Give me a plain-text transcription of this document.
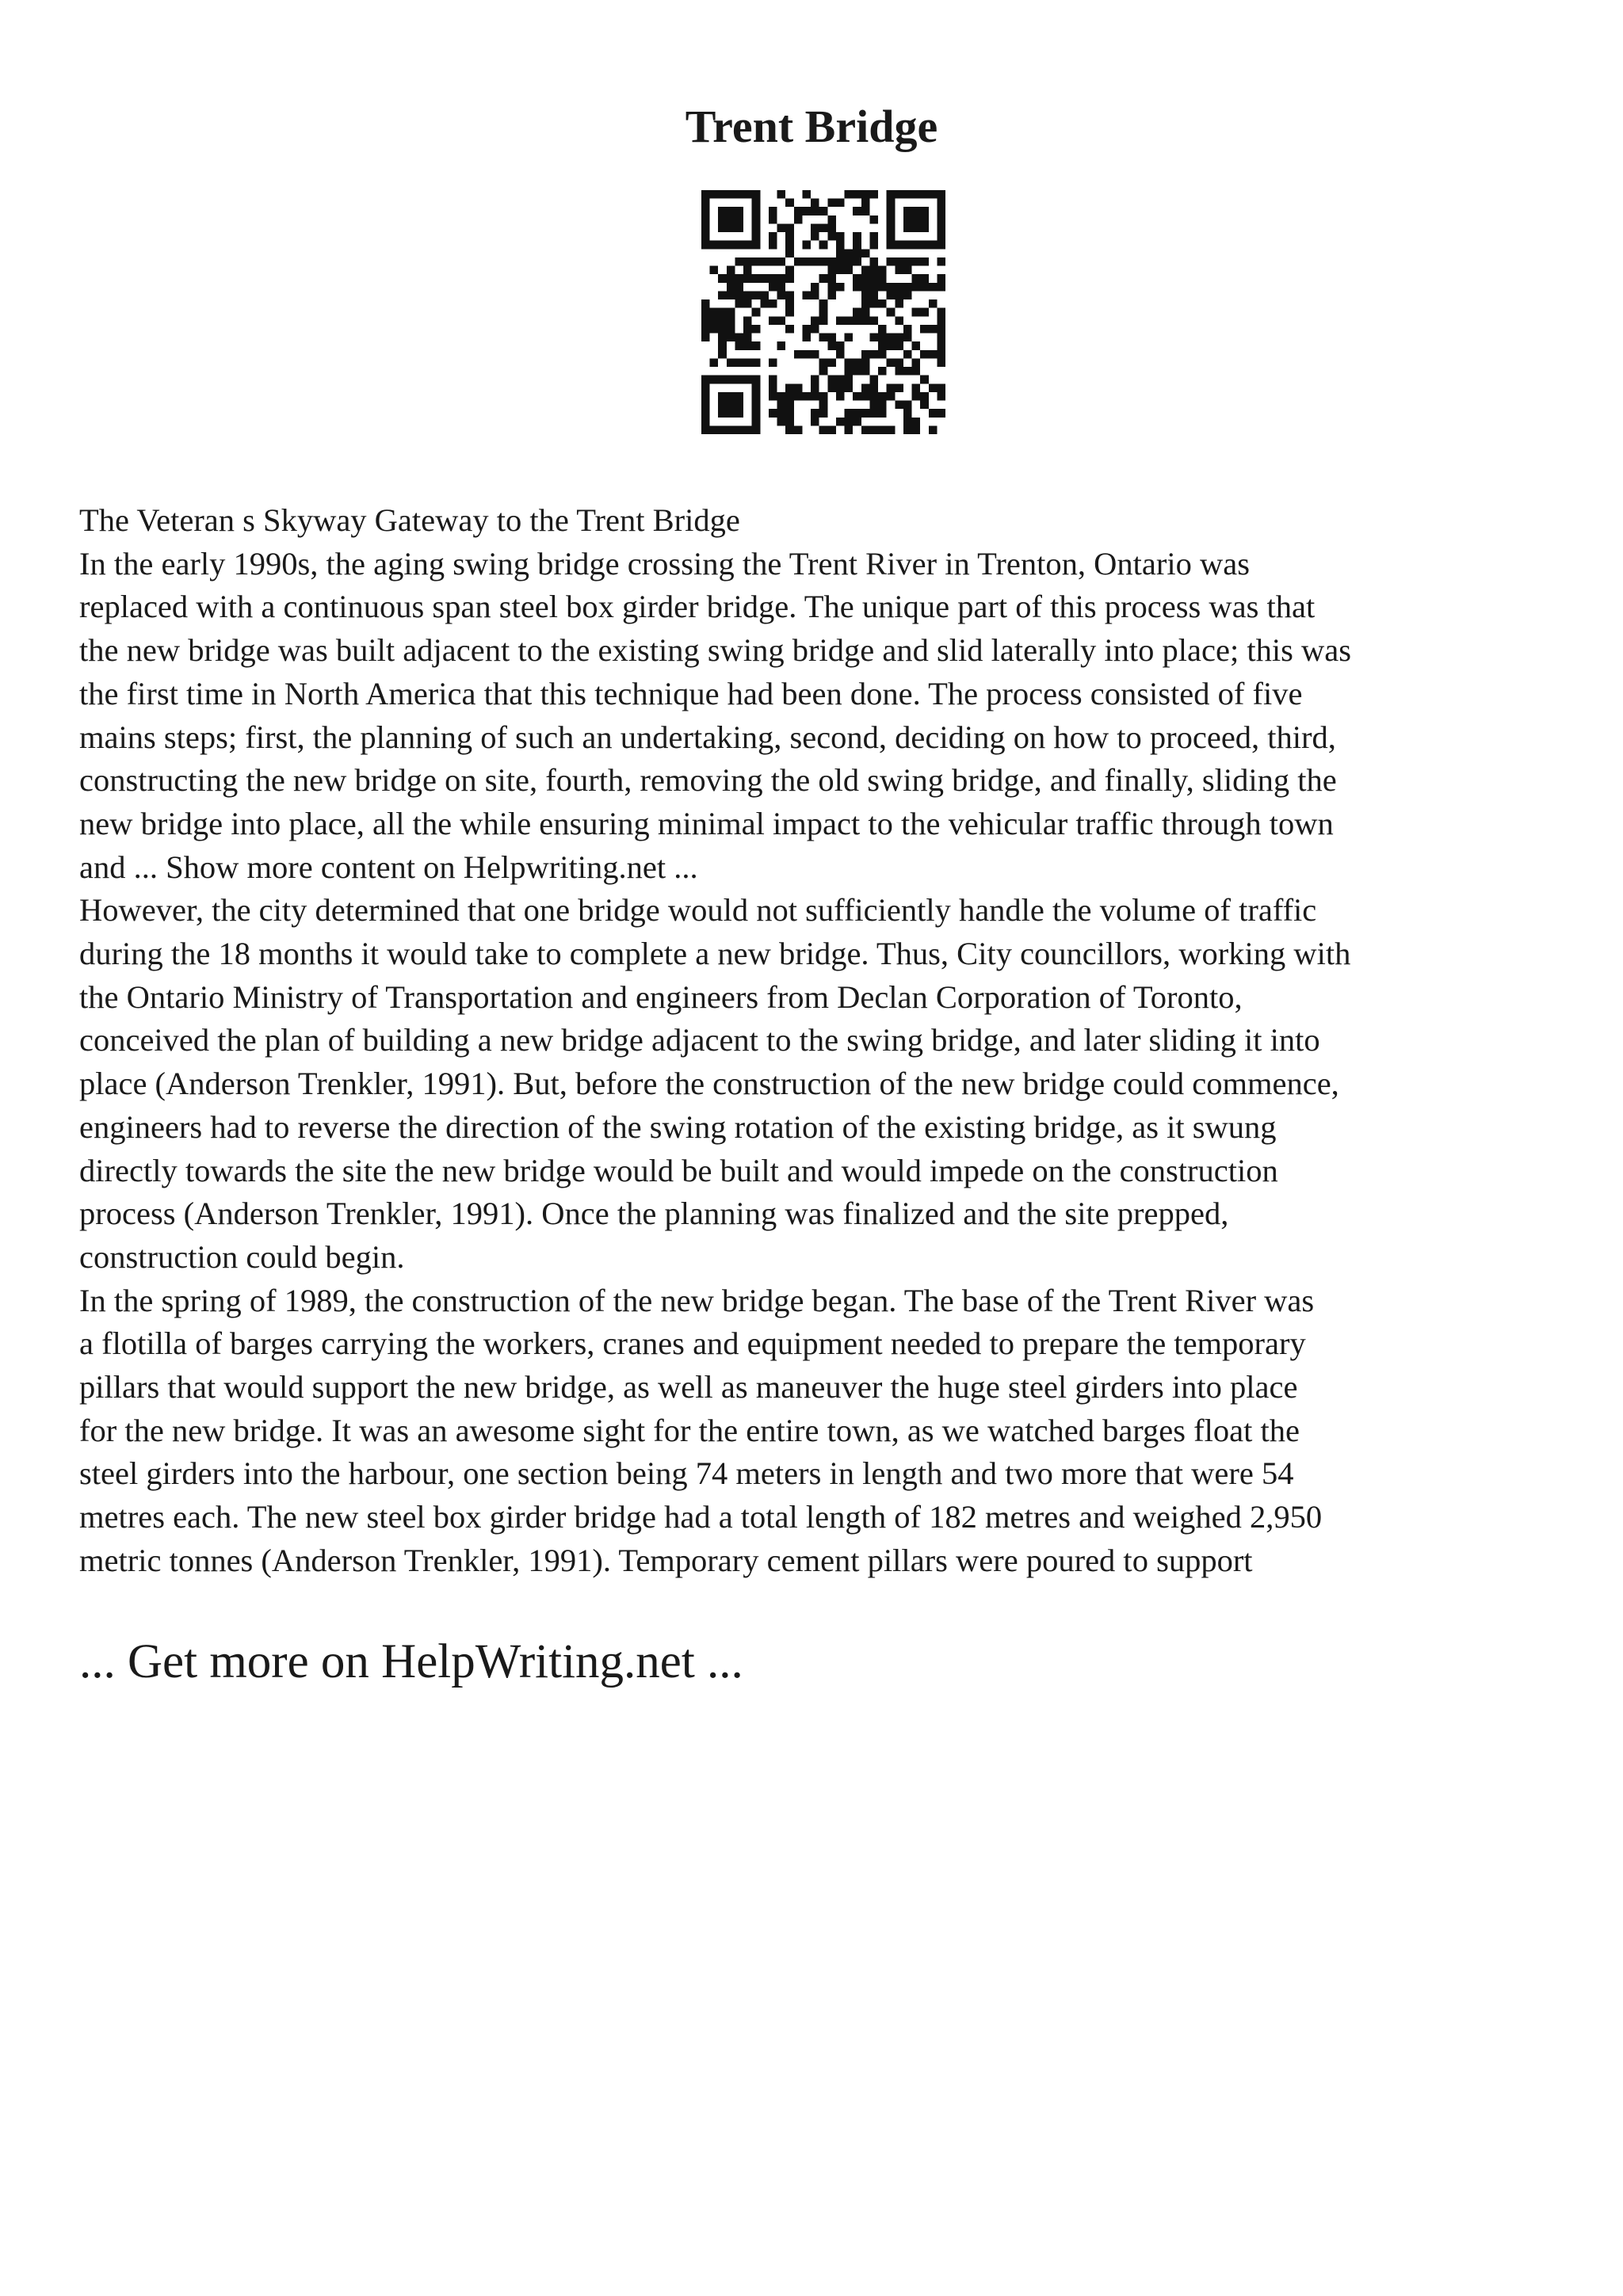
Trent Bridge

The Veteran s Skyway Gateway to the Trent Bridge
In the early 1990s, the aging swing bridge crossing the Trent River in Trenton, Ontario was
replaced with a continuous span steel box girder bridge. The unique part of this process was that
the new bridge was built adjacent to the existing swing bridge and slid laterally into place; this was
the first time in North America that this technique had been done. The process consisted of five
mains steps; first, the planning of such an undertaking, second, deciding on how to proceed, third,
constructing the new bridge on site, fourth, removing the old swing bridge, and finally, sliding the
new bridge into place, all the while ensuring minimal impact to the vehicular traffic through town
and ... Show more content on Helpwriting.net ...

However, the city determined that one bridge would not sufficiently handle the volume of traffic
during the 18 months it would take to complete a new bridge. Thus, City councillors, working with
the Ontario Ministry of Transportation and engineers from Declan Corporation of Toronto,
conceived the plan of building a new bridge adjacent to the swing bridge, and later sliding it into
place (Anderson Trenkler, 1991). But, before the construction of the new bridge could commence,
engineers had to reverse the direction of the swing rotation of the existing bridge, as it swung
directly towards the site the new bridge would be built and would impede on the construction
process (Anderson Trenkler, 1991). Once the planning was finalized and the site prepped,
construction could begin.

In the spring of 1989, the construction of the new bridge began. The base of the Trent River was
a flotilla of barges carrying the workers, cranes and equipment needed to prepare the temporary
pillars that would support the new bridge, as well as maneuver the huge steel girders into place
for the new bridge. It was an awesome sight for the entire town, as we watched barges float the
steel girders into the harbour, one section being 74 meters in length and two more that were 54
metres each. The new steel box girder bridge had a total length of 182 metres and weighed 2,950
metric tonnes (Anderson Trenkler, 1991). Temporary cement pillars were poured to support

... Get more on HelpWriting.net ...
